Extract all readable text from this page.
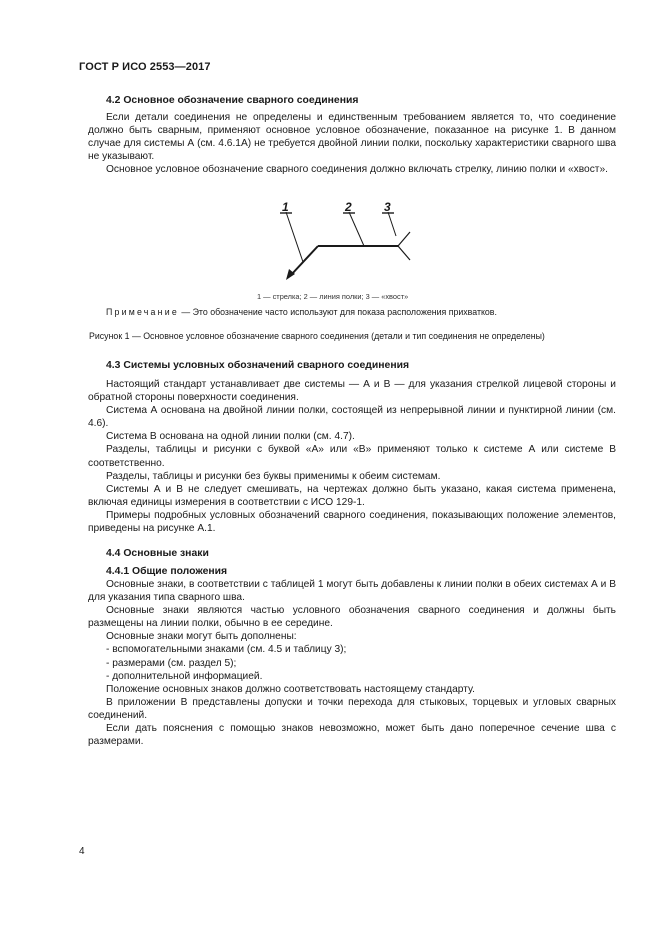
ГОСТ Р ИСО 2553—2017
4.2 Основное обозначение сварного соединения

Если детали соединения не определены и единственным требованием является то, что соединение должно быть сварным, применяют основное условное обозначение, показанное на рисунке 1. В данном случае для системы А (см. 4.6.1А) не требуется двойной линии полки, поскольку характеристики сварного шва не указывают.

Основное условное обозначение сварного соединения должно включать стрелку, линию полки и «хвост».

1	2	3
1 — стрелка; 2 — линия полки; 3 — «хвост»
Примечание — Это обозначение часто используют для показа расположения прихватков.
Рисунок 1 — Основное условное обозначение сварного соединения (детали и тип соединения не определены)
4.3 Системы условных обозначений сварного соединения

Настоящий стандарт устанавливает две системы — А и В — для указания стрелкой лицевой стороны и обратной стороны поверхности соединения.

Система А основана на двойной линии полки, состоящей из непрерывной линии и пунктирной линии (см. 4.6).

Система В основана на одной линии полки (см. 4.7).

Разделы, таблицы и рисунки с буквой «А» или «В» применяют только к системе А или системе В соответственно.

Разделы, таблицы и рисунки без буквы применимы к обеим системам.

Системы А и В не следует смешивать, на чертежах должно быть указано, какая система применена, включая единицы измерения в соответствии с ИСО 129-1.

Примеры подробных условных обозначений сварного соединения, показывающих положение элементов, приведены на рисунке А.1.

4.4 Основные знаки
4.4.1 Общие положения

Основные знаки, в соответствии с таблицей 1 могут быть добавлены к линии полки в обеих системах А и В для указания типа сварного шва.

Основные знаки являются частью условного обозначения сварного соединения и должны быть размещены на линии полки, обычно в ее середине.

Основные знаки могут быть дополнены:

- вспомогательными знаками (см. 4.5 и таблицу 3);

- размерами (см. раздел 5);

- дополнительной информацией.

Положение основных знаков должно соответствовать настоящему стандарту.

В приложении В представлены допуски и точки перехода для стыковых, торцевых и угловых сварных соединений.

Если дать пояснения с помощью знаков невозможно, может быть дано поперечное сечение шва с размерами.

4
